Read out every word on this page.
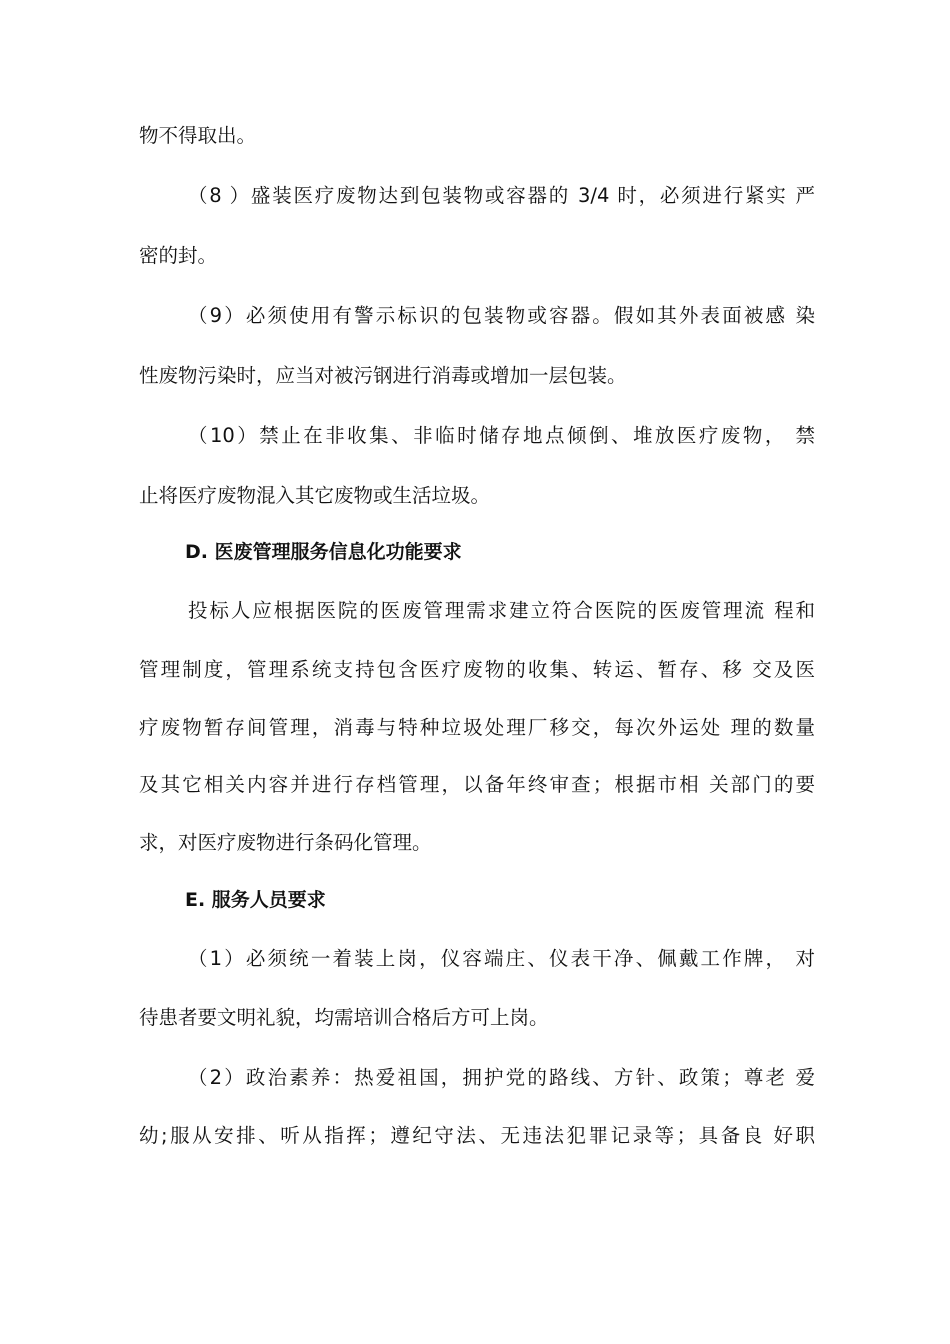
物不得取出。
（8 ）盛装医疗废物达到包装物或容器的 3/4 时，必须进行紧实 严
密的封。
（9）必须使用有警示标识的包装物或容器。假如其外表面被感 染
性废物污染时，应当对被污钢进行消毒或增加一层包装。
（10）禁止在非收集、非临时储存地点倾倒、堆放医疗废物， 禁
止将医疗废物混入其它废物或生活垃圾。
D. 医废管理服务信息化功能要求
投标人应根据医院的医废管理需求建立符合医院的医废管理流 程和
管理制度，管理系统支持包含医疗废物的收集、转运、暂存、移 交及医
疗废物暂存间管理，消毒与特种垃圾处理厂移交，每次外运处 理的数量
及其它相关内容并进行存档管理，以备年终审查；根据市相 关部门的要
求，对医疗废物进行条码化管理。
E. 服务人员要求
（1）必须统一着装上岗，仪容端庄、仪表干净、佩戴工作牌， 对
待患者要文明礼貌，均需培训合格后方可上岗。
（2）政治素养：热爱祖国，拥护党的路线、方针、政策；尊老 爱
幼;服从安排、听从指挥；遵纪守法、无违法犯罪记录等；具备良 好职
